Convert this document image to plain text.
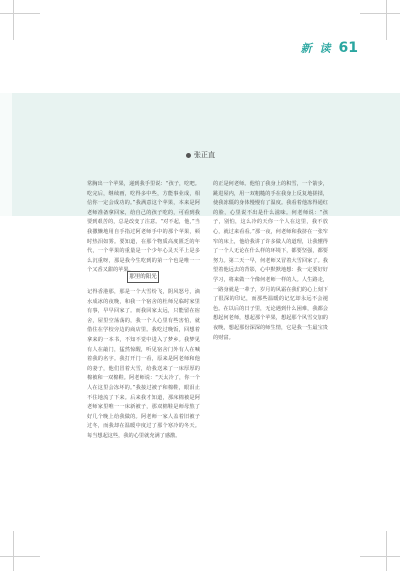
新 读 61
张正直

常胸出一个苹果，递到我手里说：“孩子，吃吧。吃完后，继续画，吃得多中些，方能事业成，相信你一定会成功的。”我满意这个苹果，本来是阿老师准备拿回家，给自己的孩子吃的，可看到我要到艰苦的，总是改变了注意。“对不起，他，”当我撒懒地用自手指过阿老师手中的那个苹果，顿时热泪如雾。要知道，在那个物质高度匮乏的年代，一个苹果的重量是一个少年心灵天平上是多么沉重呀，那是我今生吃到的第一个也是唯一一个又香又甜的苹果。

那里的阳光

记得香港那，那是一个大雪纷飞，阴风怒号，滴水成冰的夜晚，和我一个宿舍的杜师兄临时家里有事，早早回家了。而我回家太远，只能留在宿舍，屋里空荡荡的，我一个人心里有些害怕，就借住在学校旁边的商店里。我吃过晚饭，回想着拿来的一本书，不知不觉中进入了梦乡。我梦见有人在敲门，猛然惊醒，听见宿舍门外有人在喊着我的名字。我打开门一看，原来是阿老师和他的妻子，他们冒着大雪，给我送来了一床厚厚的棉被和一双棉鞋。阿老师说：“天太冷了，你一个人在这里会冻坏的。”我接过被子和棉鞋，眼泪止不住地流了下来。后来我才知道，那床棉被是阿老师家里唯一一床新被子，那双棉鞋是师母熬了好几个晚上给我做的。阿老师一家人盖着旧被子过冬，而我却在温暖中度过了那个寒冷的冬天。每当想起这些，我的心里就充满了感激。

的正是何老师。他怕了我身上的积雪，一个箭步，跳进屋内，用一双粗糙的手在我身上反复地搓揉，使我冻僵的身体慢慢有了温度。我看着他冻得通红的脸，心里说不出是什么滋味。何老师说：“孩子，别怕，这么冷的天你一个人在这里，我不放心，就过来看看。”那一夜，何老师和我挤在一张窄窄的床上，他给我讲了许多做人的道理，让我懂得了一个人无论在什么样的环境下，都要坚强，都要努力。第二天一早，何老师又冒着大雪回家了。我望着他远去的背影，心中默默地想：我一定要好好学习，将来做一个像何老师一样的人。人生路走，一路身就是一辈子，岁月的风霜在我们的心上刻下了很深的印记，而那些温暖的记忆却永远不会褪色。在以后的日子里，无论遇到什么困难，我都会想起何老师，想起那个苹果，想起那个风雪交加的夜晚，想起那份深深的师生情，它是我一生最宝贵的财富。
